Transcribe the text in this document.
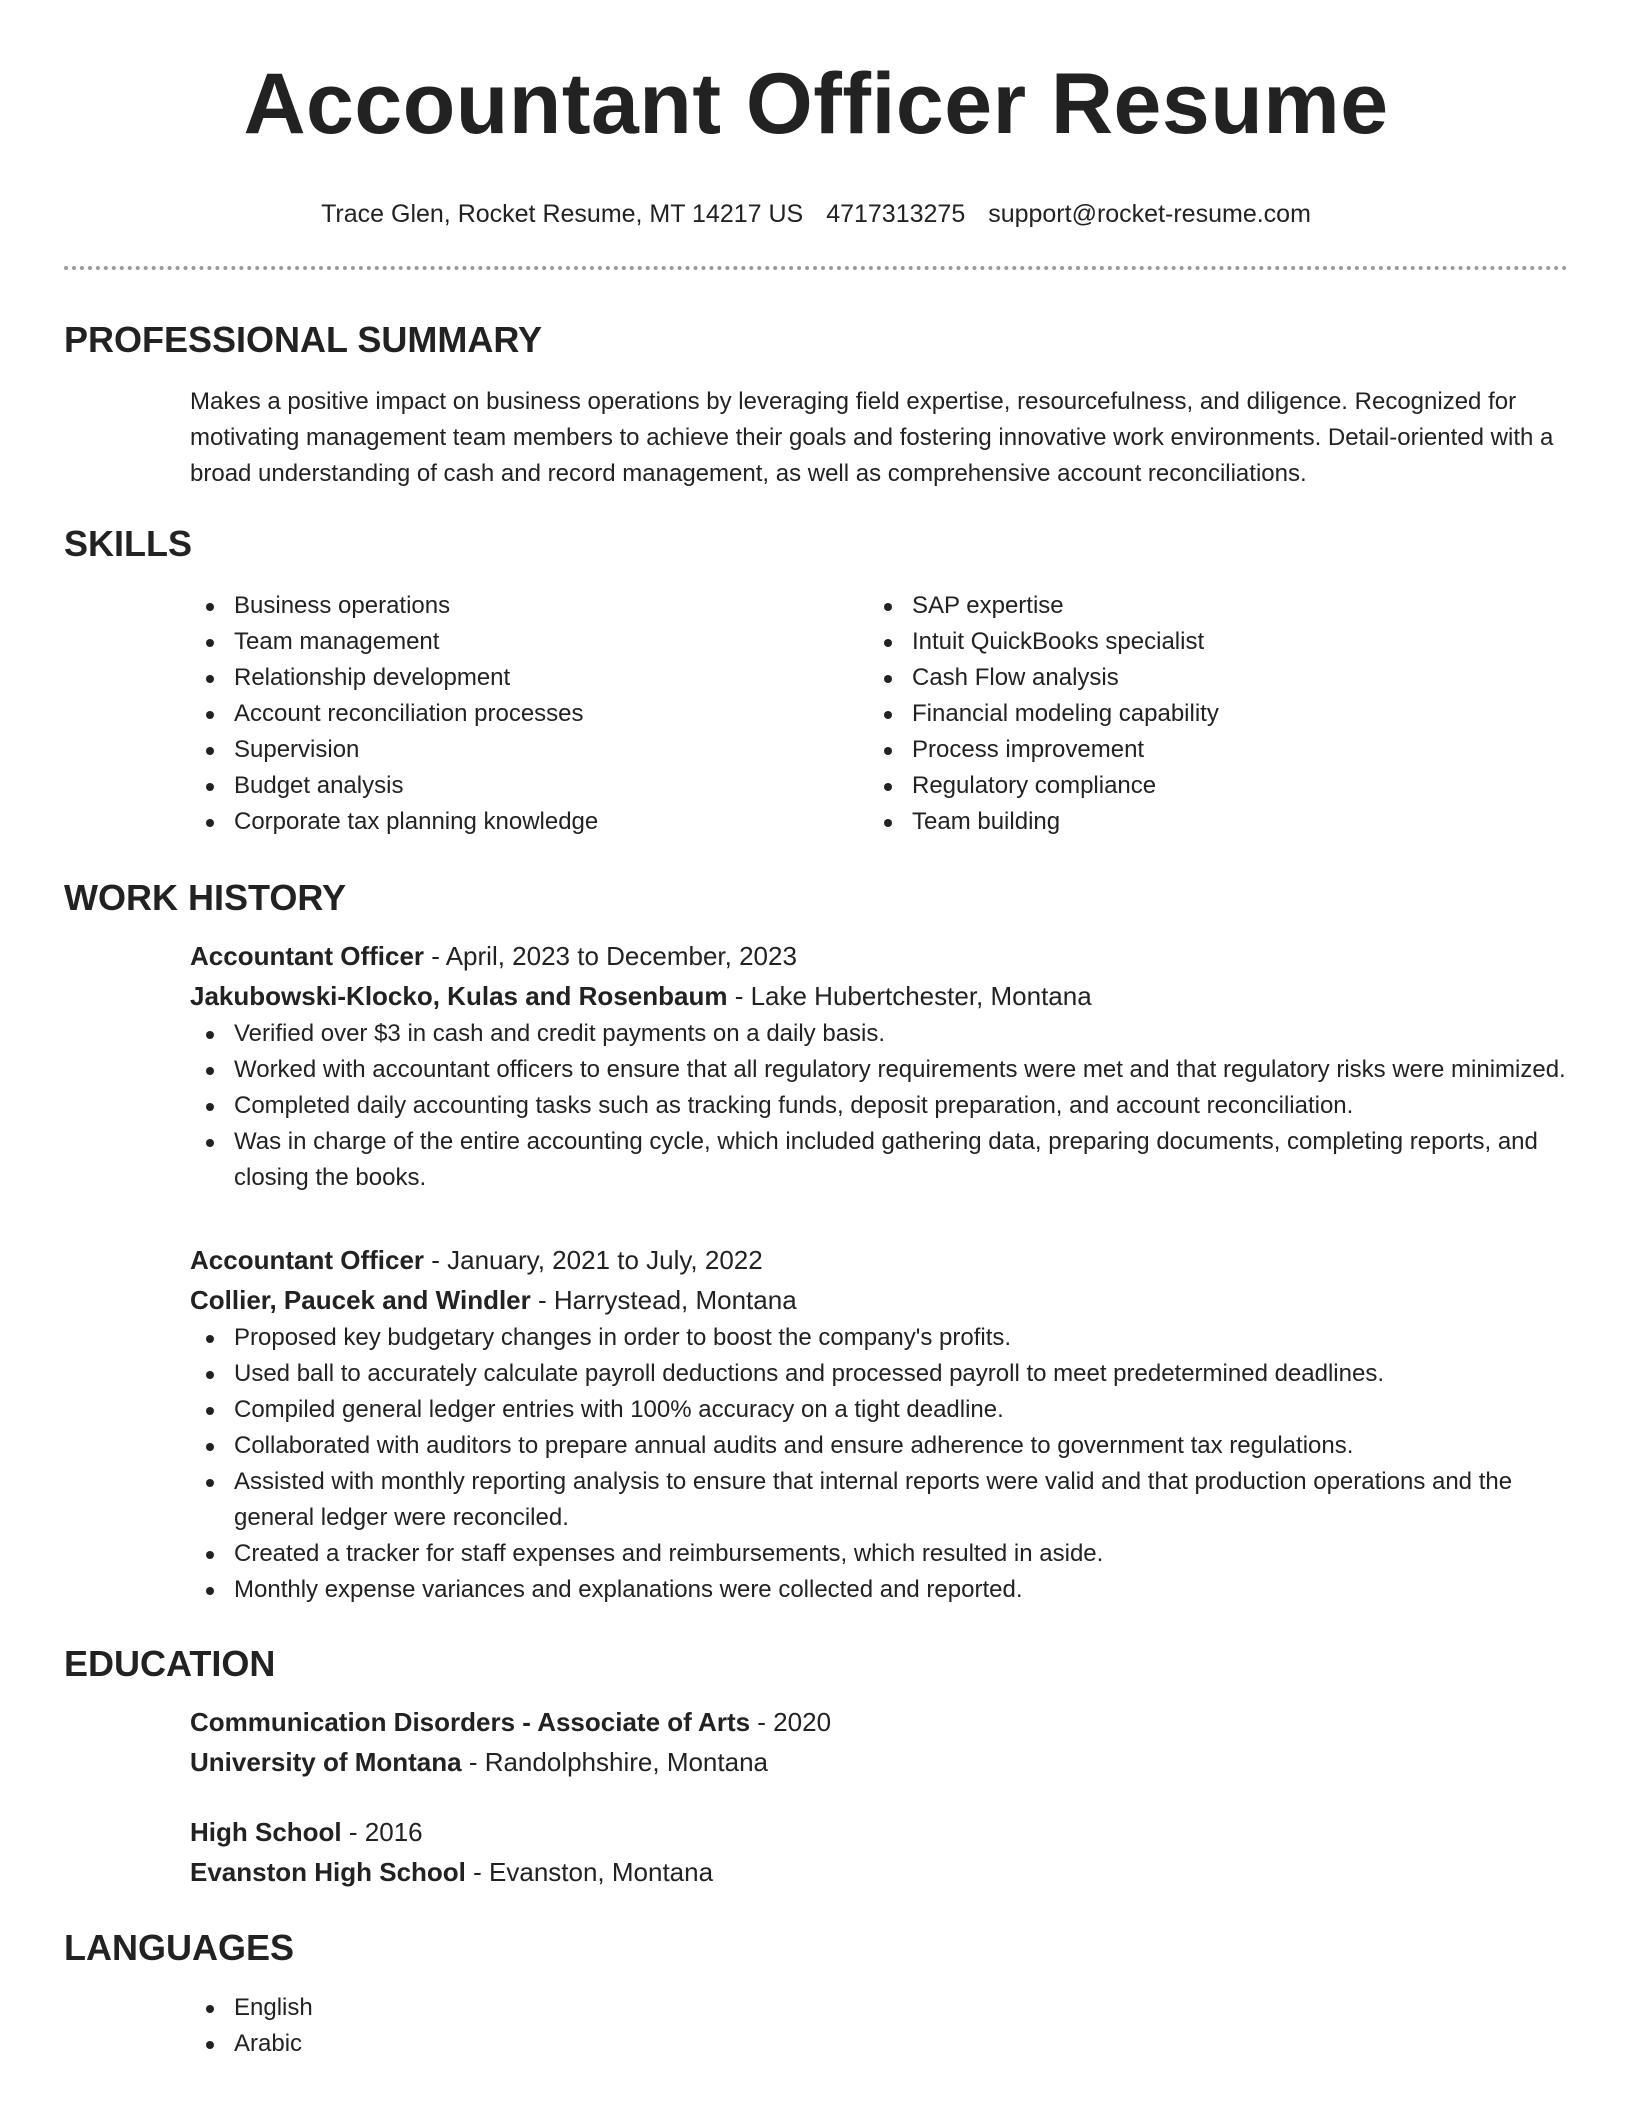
Accountant Officer Resume
Trace Glen, Rocket Resume, MT 14217 US 4717313275 support@rocket-resume.com
PROFESSIONAL SUMMARY

Makes a positive impact on business operations by leveraging field expertise, resourcefulness, and diligence. Recognized for motivating management team members to achieve their goals and fostering innovative work environments. Detail-oriented with a broad understanding of cash and record management, as well as comprehensive account reconciliations.

SKILLS
Business operations
Team management
Relationship development
Account reconciliation processes
Supervision
Budget analysis
Corporate tax planning knowledge
SAP expertise
Intuit QuickBooks specialist
Cash Flow analysis
Financial modeling capability
Process improvement
Regulatory compliance
Team building
WORK HISTORY
Accountant Officer - April, 2023 to December, 2023
Jakubowski-Klocko, Kulas and Rosenbaum - Lake Hubertchester, Montana
Verified over $3 in cash and credit payments on a daily basis.
Worked with accountant officers to ensure that all regulatory requirements were met and that regulatory risks were minimized.
Completed daily accounting tasks such as tracking funds, deposit preparation, and account reconciliation.
Was in charge of the entire accounting cycle, which included gathering data, preparing documents, completing reports, and closing the books.
Accountant Officer - January, 2021 to July, 2022
Collier, Paucek and Windler - Harrystead, Montana
Proposed key budgetary changes in order to boost the company's profits.
Used ball to accurately calculate payroll deductions and processed payroll to meet predetermined deadlines.
Compiled general ledger entries with 100% accuracy on a tight deadline.
Collaborated with auditors to prepare annual audits and ensure adherence to government tax regulations.
Assisted with monthly reporting analysis to ensure that internal reports were valid and that production operations and the general ledger were reconciled.
Created a tracker for staff expenses and reimbursements, which resulted in aside.
Monthly expense variances and explanations were collected and reported.
EDUCATION
Communication Disorders - Associate of Arts - 2020
University of Montana - Randolphshire, Montana
High School - 2016
Evanston High School - Evanston, Montana
LANGUAGES
English
Arabic
